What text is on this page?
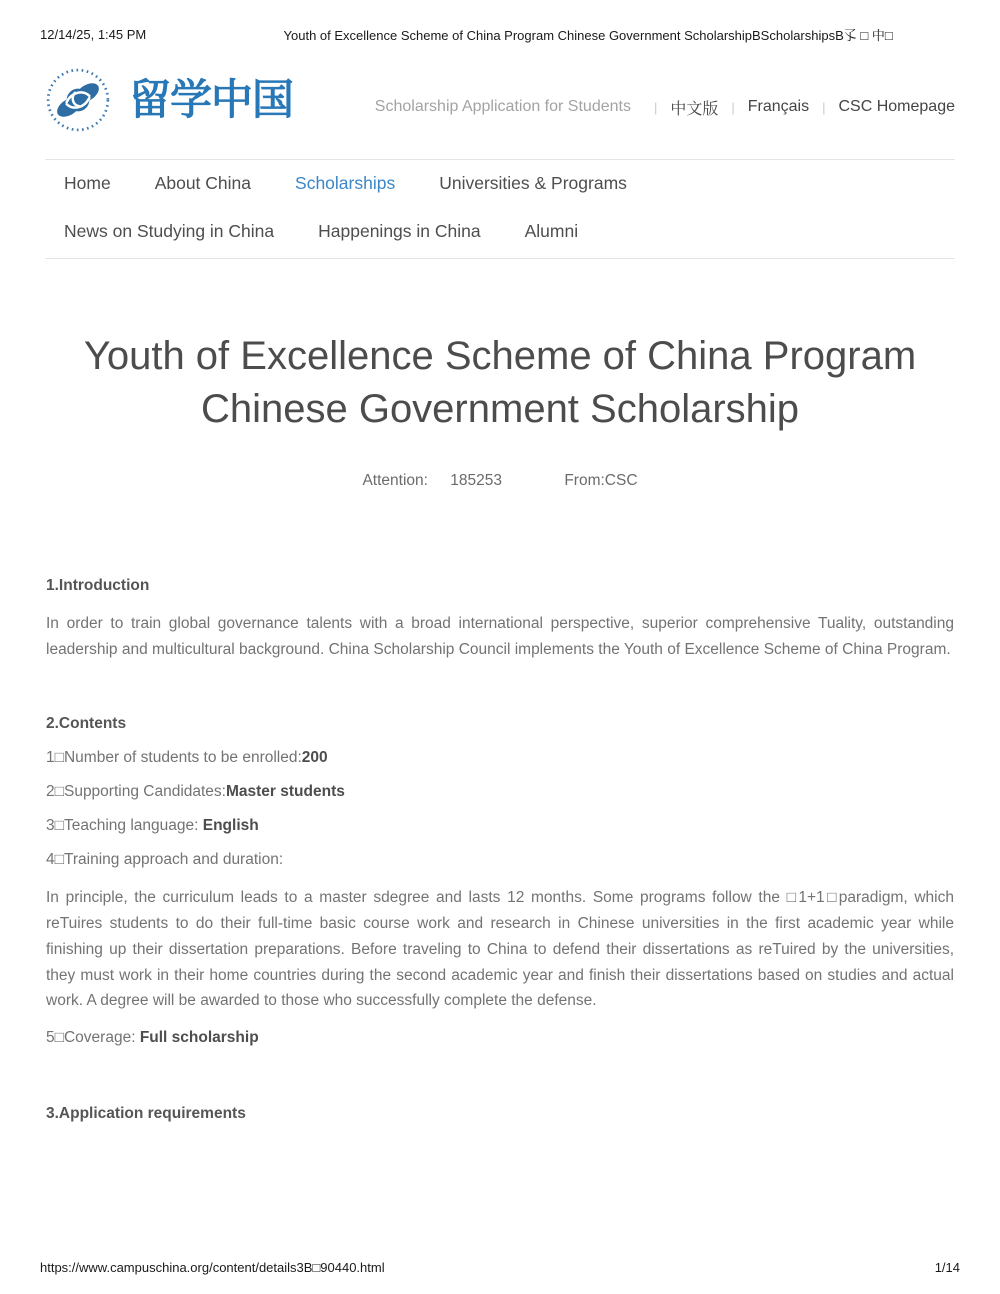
12/14/25, 1:45 PM	Youth of Excellence Scheme of China Program Chinese Government ScholarshipBScholarshipsB孓 □ 中□
留学中国	Scholarship Application for Students | 中文版 | Français | CSC Homepage
Home	About China	Scholarships	Universities & Programs
News on Studying in China	Happenings in China	Alumni
Youth of Excellence Scheme of China Program Chinese Government Scholarship
Attention: 185253	From:CSC
1.Introduction

In order to train global governance talents with a broad international perspective, superior comprehensive Tuality, outstanding leadership and multicultural background. China Scholarship Council implements the Youth of Excellence Scheme of China Program.

2.Contents

1□Number of students to be enrolled:200

2□Supporting Candidates:Master students

3□Teaching language: English

4□Training approach and duration:

In principle, the curriculum leads to a master sdegree and lasts 12 months. Some programs follow the □1+1□paradigm, which reTuires students to do their full-time basic course work and research in Chinese universities in the first academic year while finishing up their dissertation preparations. Before traveling to China to defend their dissertations as reTuired by the universities, they must work in their home countries during the second academic year and finish their dissertations based on studies and actual work. A degree will be awarded to those who successfully complete the defense.

5□Coverage: Full scholarship

3.Application requirements
https://www.campuschina.org/content/details3B□90440.html	1/14
